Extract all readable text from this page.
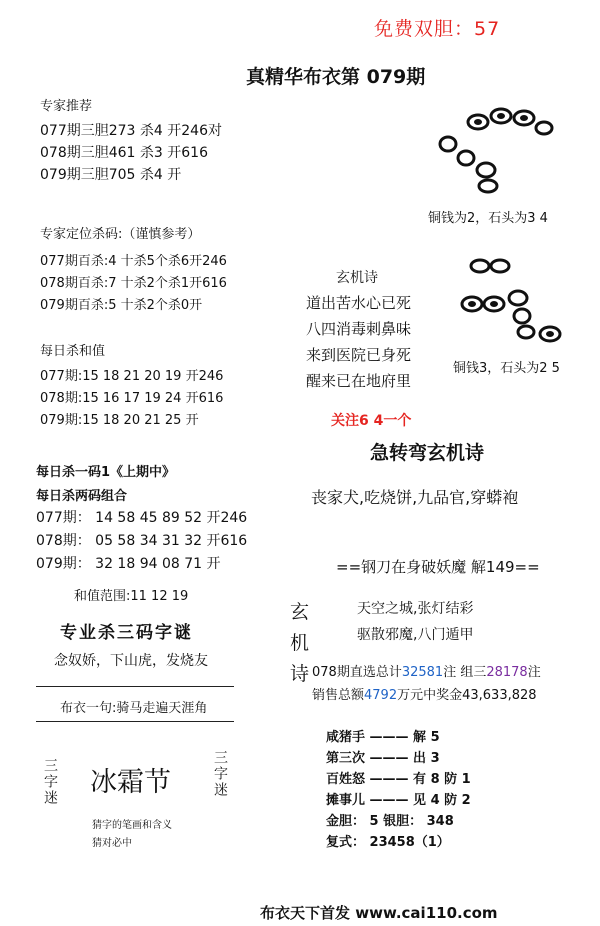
免费双胆：57
真精华布衣第 079期
专家推荐
077期三胆273 杀4 开246对
078期三胆461 杀3 开616
079期三胆705 杀4 开
专家定位杀码:（谨慎参考）
077期百杀:4 十杀5个杀6开246
078期百杀:7 十杀2个杀1开616
079期百杀:5 十杀2个杀0开
每日杀和值
077期:15 18 21 20 19 开246
078期:15 16 17 19 24 开616
079期:15 18 20 21 25 开
每日杀一码1《上期中》
每日杀两码组合
077期： 14 58 45 89 52 开246
078期： 05 58 34 31 32 开616
079期： 32 18 94 08 71 开
和值范围:11 12 19
专业杀三码字谜
念奴娇，下山虎，发烧友
布衣一句:骑马走遍天涯角
三字迷 冰霜节	三字迷
猜字的笔画和含义
猜对必中
铜钱为2，石头为3 4
玄机诗
道出苦水心已死
八四消毒刺鼻味
来到医院已身死
醒来已在地府里
铜钱3，石头为2 5
关注6 4一个
急转弯玄机诗
丧家犬,吃烧饼,九品官,穿蟒袍
==钢刀在身破妖魔 解149==
玄
机
诗
天空之城,张灯结彩
驱散邪魔,八门遁甲
078期直选总计32581注 组三28178注
销售总额4792万元中奖金43,633,828
咸猪手 ——— 解 5
第三次 ——— 出 3
百姓怒 ——— 有 8 防 1
摊事儿 ——— 见 4 防 2
金胆： 5 银胆： 348
复式： 23458（1）
布衣天下首发 www.cai110.com
